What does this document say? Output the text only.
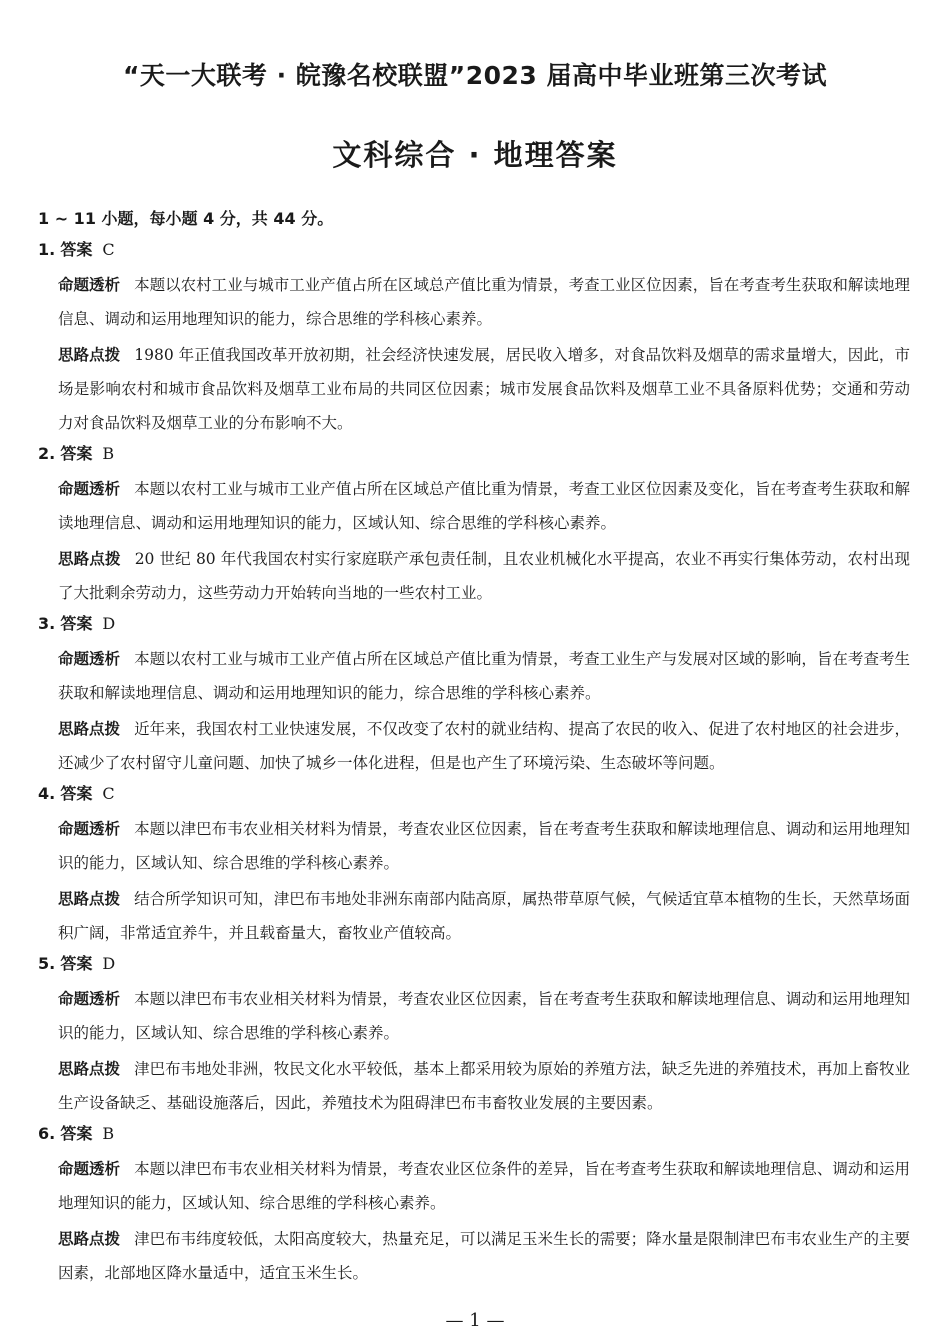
“天一大联考 · 皖豫名校联盟”2023 届高中毕业班第三次考试
文科综合 · 地理答案
1 ~ 11 小题，每小题 4 分，共 44 分。
1. 答案 C
命题透析 本题以农村工业与城市工业产值占所在区域总产值比重为情景，考查工业区位因素，旨在考查考生获取和解读地理信息、调动和运用地理知识的能力，综合思维的学科核心素养。
思路点拨 1980 年正值我国改革开放初期，社会经济快速发展，居民收入增多，对食品饮料及烟草的需求量增大，因此，市场是影响农村和城市食品饮料及烟草工业布局的共同区位因素；城市发展食品饮料及烟草工业不具备原料优势；交通和劳动力对食品饮料及烟草工业的分布影响不大。
2. 答案 B
命题透析 本题以农村工业与城市工业产值占所在区域总产值比重为情景，考查工业区位因素及变化，旨在考查考生获取和解读地理信息、调动和运用地理知识的能力，区域认知、综合思维的学科核心素养。
思路点拨 20 世纪 80 年代我国农村实行家庭联产承包责任制，且农业机械化水平提高，农业不再实行集体劳动，农村出现了大批剩余劳动力，这些劳动力开始转向当地的一些农村工业。
3. 答案 D
命题透析 本题以农村工业与城市工业产值占所在区域总产值比重为情景，考查工业生产与发展对区域的影响，旨在考查考生获取和解读地理信息、调动和运用地理知识的能力，综合思维的学科核心素养。
思路点拨 近年来，我国农村工业快速发展，不仅改变了农村的就业结构、提高了农民的收入、促进了农村地区的社会进步，还减少了农村留守儿童问题、加快了城乡一体化进程，但是也产生了环境污染、生态破坏等问题。
4. 答案 C
命题透析 本题以津巴布韦农业相关材料为情景，考查农业区位因素，旨在考查考生获取和解读地理信息、调动和运用地理知识的能力，区域认知、综合思维的学科核心素养。
思路点拨 结合所学知识可知，津巴布韦地处非洲东南部内陆高原，属热带草原气候，气候适宜草本植物的生长，天然草场面积广阔，非常适宜养牛，并且载畜量大，畜牧业产值较高。
5. 答案 D
命题透析 本题以津巴布韦农业相关材料为情景，考查农业区位因素，旨在考查考生获取和解读地理信息、调动和运用地理知识的能力，区域认知、综合思维的学科核心素养。
思路点拨 津巴布韦地处非洲，牧民文化水平较低，基本上都采用较为原始的养殖方法，缺乏先进的养殖技术，再加上畜牧业生产设备缺乏、基础设施落后，因此，养殖技术为阻碍津巴布韦畜牧业发展的主要因素。
6. 答案 B
命题透析 本题以津巴布韦农业相关材料为情景，考查农业区位条件的差异，旨在考查考生获取和解读地理信息、调动和运用地理知识的能力，区域认知、综合思维的学科核心素养。
思路点拨 津巴布韦纬度较低，太阳高度较大，热量充足，可以满足玉米生长的需要；降水量是限制津巴布韦农业生产的主要因素，北部地区降水量适中，适宜玉米生长。
— 1 —
